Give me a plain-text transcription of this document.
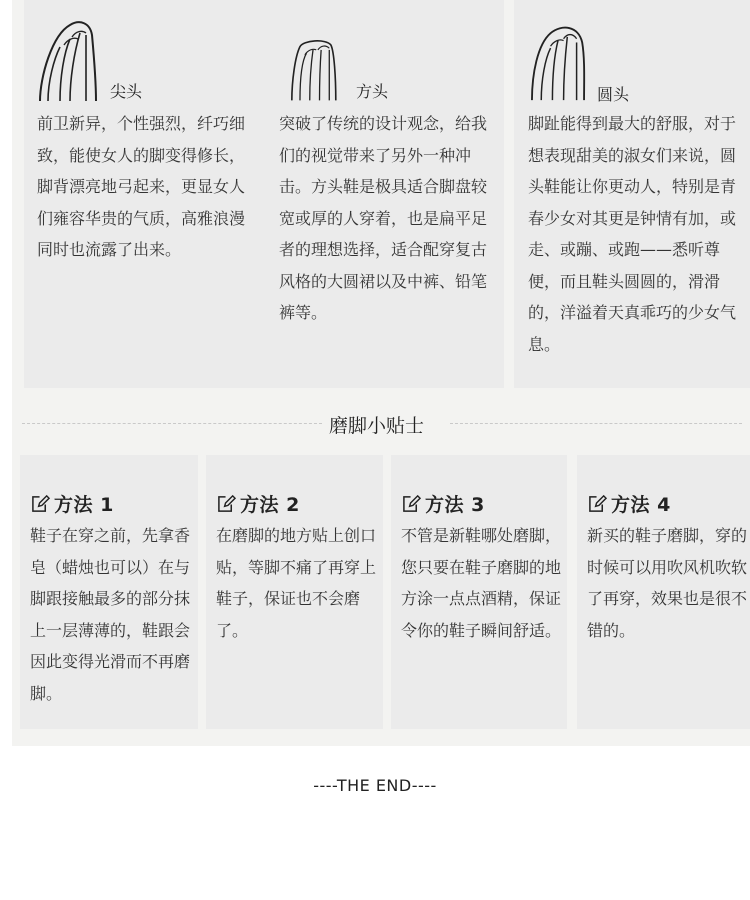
尖头
前卫新异，个性强烈，纤巧细致，能使女人的脚变得修长，脚背漂亮地弓起来，更显女人们雍容华贵的气质，高雅浪漫同时也流露了出来。
方头
突破了传统的设计观念，给我们的视觉带来了另外一种冲击。方头鞋是极具适合脚盘较宽或厚的人穿着，也是扁平足者的理想选择，适合配穿复古风格的大圆裙以及中裤、铅笔裤等。
圆头
脚趾能得到最大的舒服，对于想表现甜美的淑女们来说，圆头鞋能让你更动人，特别是青春少女对其更是钟情有加，或走、或蹦、或跑——悉听尊便，而且鞋头圆圆的，滑滑的，洋溢着天真乖巧的少女气息。
磨脚小贴士
方法 1
鞋子在穿之前，先拿香皂（蜡烛也可以）在与脚跟接触最多的部分抹上一层薄薄的，鞋跟会因此变得光滑而不再磨脚。
方法 2
在磨脚的地方贴上创口贴，等脚不痛了再穿上鞋子，保证也不会磨了。
方法 3
不管是新鞋哪处磨脚，您只要在鞋子磨脚的地方涂一点点酒精，保证令你的鞋子瞬间舒适。
方法 4
新买的鞋子磨脚，穿的时候可以用吹风机吹软了再穿，效果也是很不错的。
----THE END----
